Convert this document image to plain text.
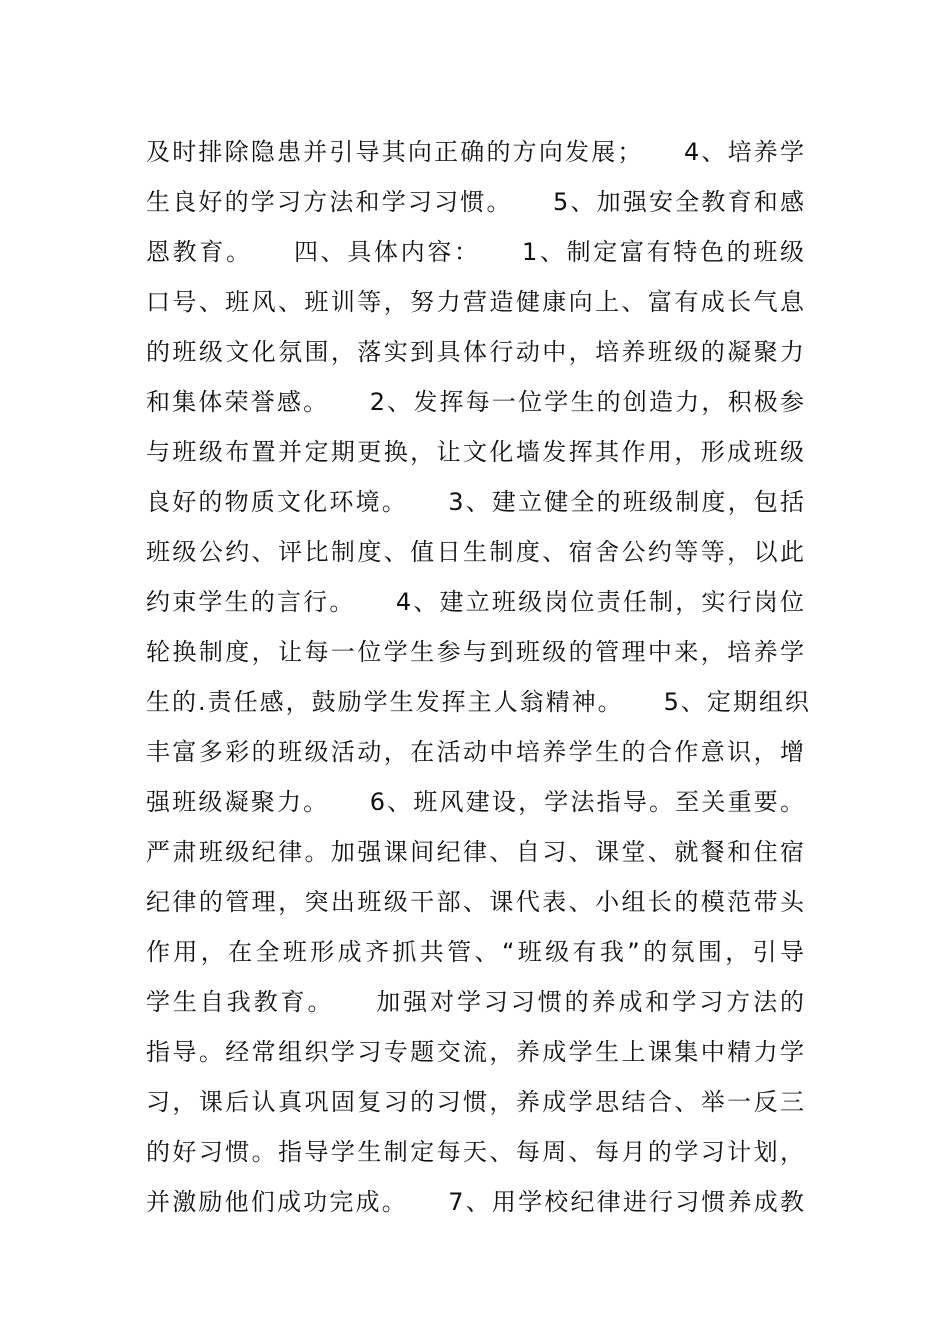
及时排除隐患并引导其向正确的方向发展；　　4、培养学
生良好的学习方法和学习习惯。　　5、加强安全教育和感
恩教育。　　四、具体内容：　　1、制定富有特色的班级
口号、班风、班训等，努力营造健康向上、富有成长气息
的班级文化氛围，落实到具体行动中，培养班级的凝聚力
和集体荣誉感。　　2、发挥每一位学生的创造力，积极参
与班级布置并定期更换，让文化墙发挥其作用，形成班级
良好的物质文化环境。　　3、建立健全的班级制度，包括
班级公约、评比制度、值日生制度、宿舍公约等等，以此
约束学生的言行。　　4、建立班级岗位责任制，实行岗位
轮换制度，让每一位学生参与到班级的管理中来，培养学
生的.责任感，鼓励学生发挥主人翁精神。　　5、定期组织
丰富多彩的班级活动，在活动中培养学生的合作意识，增
强班级凝聚力。　　6、班风建设，学法指导。至关重要。
严肃班级纪律。加强课间纪律、自习、课堂、就餐和住宿
纪律的管理，突出班级干部、课代表、小组长的模范带头
作用，在全班形成齐抓共管、“班级有我”的氛围，引导
学生自我教育。　　加强对学习习惯的养成和学习方法的
指导。经常组织学习专题交流，养成学生上课集中精力学
习，课后认真巩固复习的习惯，养成学思结合、举一反三
的好习惯。指导学生制定每天、每周、每月的学习计划，
并激励他们成功完成。　　7、用学校纪律进行习惯养成教
